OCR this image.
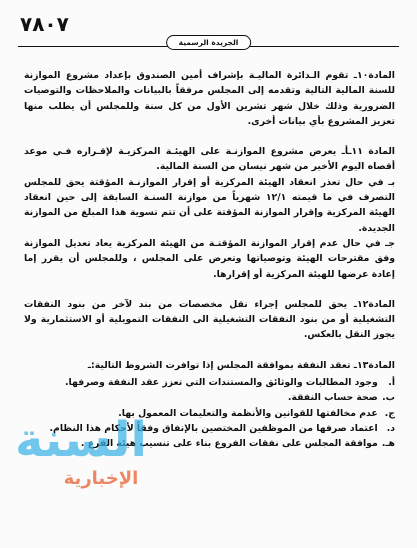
٧٨٠٧
الجريدة الرسمية

المادة١٠ـ تقوم الـدائرة الماليـة بإشراف أمين الصندوق بإعداد مشروع الموازنة للسنة المالية التالية وتقدمه إلى المجلس مرفقاً بالبيانات والملاحظات والتوصيات الضرورية وذلك خلال شهر تشرين الأول من كل سنة وللمجلس أن يطلب منها تعزيز المشروع بأي بيانات أخرى.

المادة ١١ـأـ يعرض مشروع الموازنـة على الهيئـة المركزيـة لإقـراره فـي موعد أقصاه اليوم الأخير من شهر نيسان من السنة المالية.

بـ في حال تعذر انعقاد الهيئة المركزية أو إقرار الموازنـة المؤقتة يحق للمجلس التصرف في ما قيمته ١٢/١ شهرياً من موازنة السنـة السابقة إلى حين انعقاد الهيئة المركزية وإقرار الموازنة المؤقتة على أن تتم تسوية هذا المبلغ من الموازنة الجديدة.

جـ في حال عدم إقرار الموازنة المؤقتـة من الهيئة المركزية يعاد تعديل الموازنة وفق مقترحات الهيئة وتوصياتها وتعرض على المجلس ، وللمجلس أن يقرر إما إعادة عرضها للهيئة المركزية أو إقرارها.

المادة١٢ـ يحق للمجلس إجراء نقل مخصصات من بند لآخر من بنود النفقات التشغيلية أو من بنود النفقات التشغيلية الى النفقات التمويلية أو الاستثمارية ولا يجوز النقل بالعكس.

المادة١٣ـ تعقد النفقة بموافقة المجلس إذا توافرت الشروط التالية:ـ

أ. وجود المطالبات والوثائق والمستندات التي تعزز عقد النفقة وصرفها.
ب. صحة حساب النفقة.
ج. عدم مخالفتها للقوانين والأنظمة والتعليمات المعمول بها.
د. اعتماد صرفها من الموظفين المختصين بالإنفاق وفقاً لأحكام هذا النظام.
هـ. موافقة المجلس على نفقات الفروع بناء على تنسيب هيئة الفرع .
السنة
الإخبارية
